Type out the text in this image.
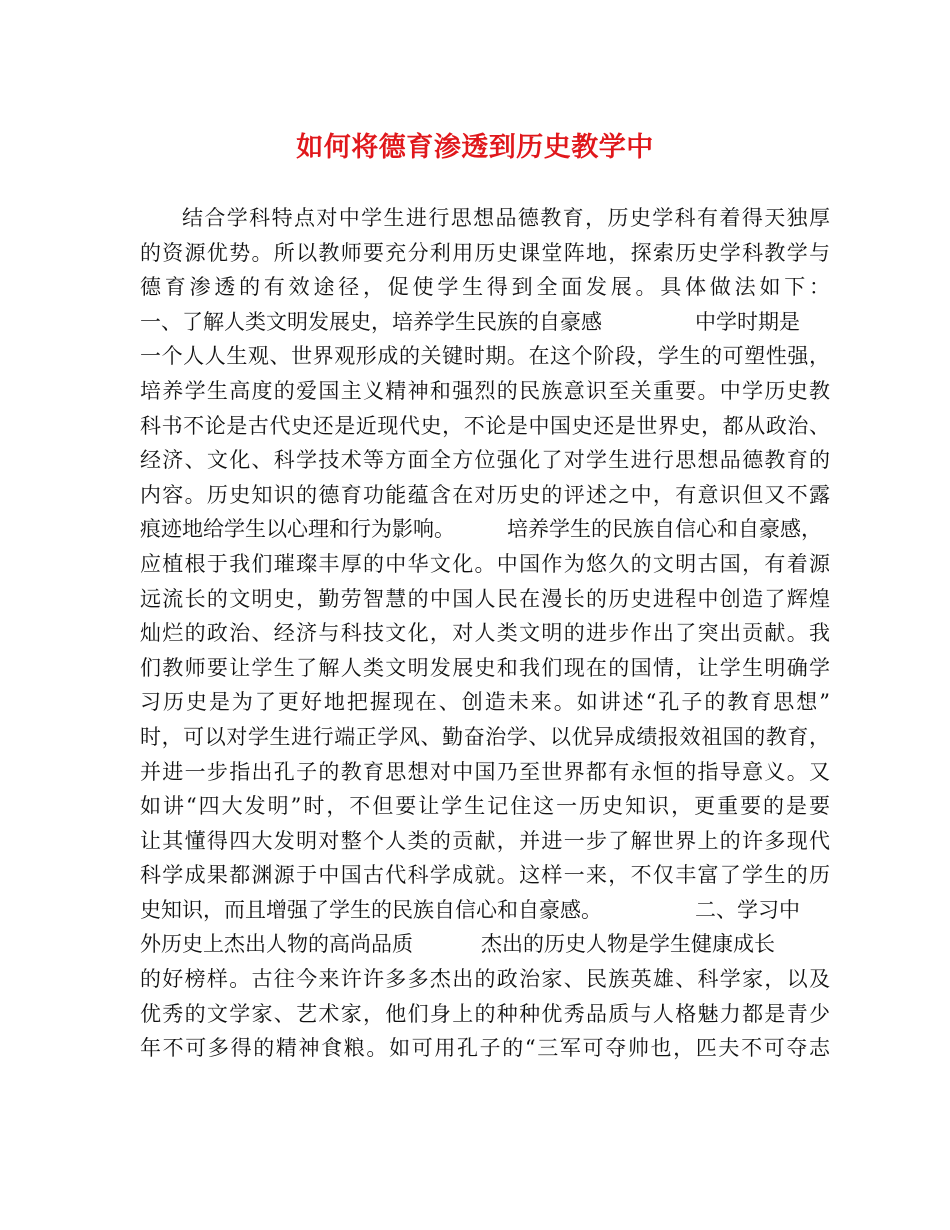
如何将德育渗透到历史教学中
结合学科特点对中学生进行思想品德教育，历史学科有着得天独厚
的资源优势。所以教师要充分利用历史课堂阵地，探索历史学科教学与
德育渗透的有效途径，促使学生得到全面发展。具体做法如下：
一、了解人类文明发展史，培养学生民族的自豪感	中学时期是
一个人人生观、世界观形成的关键时期。在这个阶段，学生的可塑性强，
培养学生高度的爱国主义精神和强烈的民族意识至关重要。中学历史教
科书不论是古代史还是近现代史，不论是中国史还是世界史，都从政治、
经济、文化、科学技术等方面全方位强化了对学生进行思想品德教育的
内容。历史知识的德育功能蕴含在对历史的评述之中，有意识但又不露
痕迹地给学生以心理和行为影响。 培养学生的民族自信心和自豪感，
应植根于我们璀璨丰厚的中华文化。中国作为悠久的文明古国，有着源
远流长的文明史，勤劳智慧的中国人民在漫长的历史进程中创造了辉煌
灿烂的政治、经济与科技文化，对人类文明的进步作出了突出贡献。我
们教师要让学生了解人类文明发展史和我们现在的国情，让学生明确学
习历史是为了更好地把握现在、创造未来。如讲述“孔子的教育思想”
时，可以对学生进行端正学风、勤奋治学、以优异成绩报效祖国的教育，
并进一步指出孔子的教育思想对中国乃至世界都有永恒的指导意义。又
如讲“四大发明”时，不但要让学生记住这一历史知识，更重要的是要
让其懂得四大发明对整个人类的贡献，并进一步了解世界上的许多现代
科学成果都渊源于中国古代科学成就。这样一来，不仅丰富了学生的历
史知识，而且增强了学生的民族自信心和自豪感。	二、学习中
外历史上杰出人物的高尚品质	杰出的历史人物是学生健康成长
的好榜样。古往今来许许多多杰出的政治家、民族英雄、科学家，以及
优秀的文学家、艺术家，他们身上的种种优秀品质与人格魅力都是青少
年不可多得的精神食粮。如可用孔子的“三军可夺帅也，匹夫不可夺志
